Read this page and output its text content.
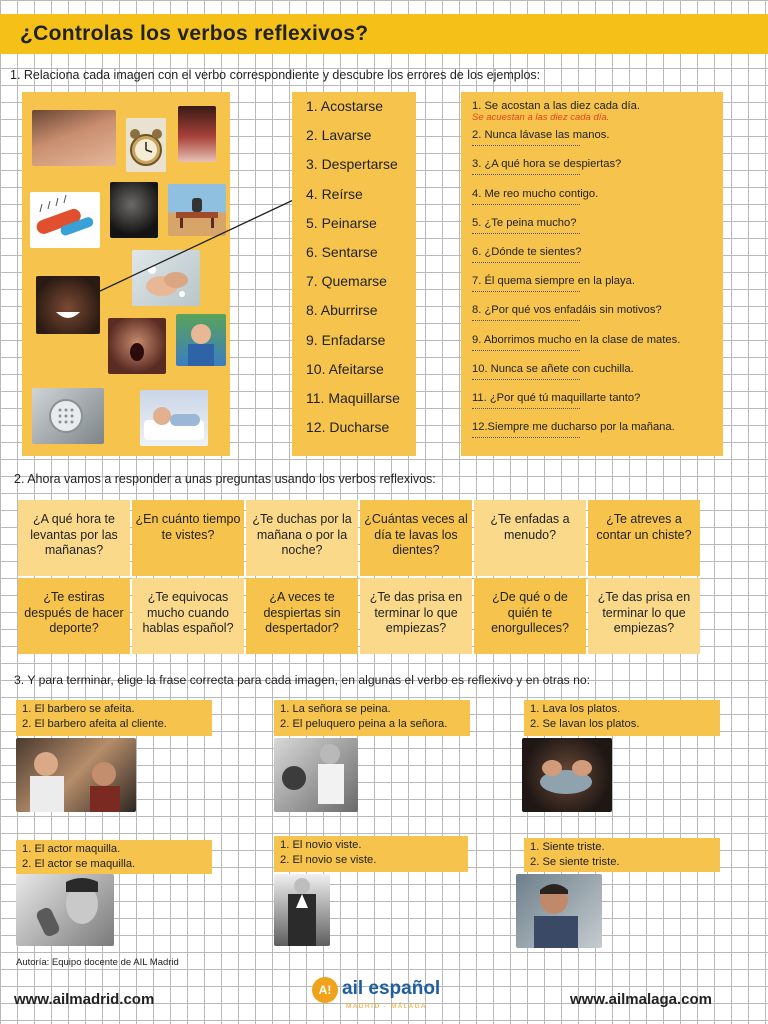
¿Controlas los verbos reflexivos?
1. Relaciona cada imagen con el verbo correspondiente y descubre los errores de los ejemplos:
1. Acostarse
2. Lavarse
3. Despertarse
4. Reírse
5. Peinarse
6. Sentarse
7. Quemarse
8. Aburrirse
9. Enfadarse
10. Afeitarse
11. Maquillarse
12. Ducharse
1. Se acostan a las diez cada día.
Se acuestan a las diez cada día.
2. Nunca lávase las manos.
3. ¿A qué hora se despiertas?
4. Me reo mucho contigo.
5. ¿Te peina mucho?
6. ¿Dónde te sientes?
7. Él quema siempre en la playa.
8. ¿Por qué vos enfadáis sin motivos?
9. Aborrimos mucho en la clase de mates.
10. Nunca se añete con cuchilla.
11. ¿Por qué tú maquillarte tanto?
12.Siempre me ducharso por la mañana.
2. Ahora vamos a responder a unas preguntas usando los verbos reflexivos:
¿A qué hora te levantas por las mañanas?
¿En cuánto tiempo te vistes?
¿Te duchas por la mañana o por la noche?
¿Cuántas veces al día te lavas los dientes?
¿Te enfadas a menudo?
¿Te atreves a contar un chiste?
¿Te estiras después de hacer deporte?
¿Te equivocas mucho cuando hablas español?
¿A veces te despiertas sin despertador?
¿Te das prisa en terminar lo que empiezas?
¿De qué o de quién te enorgulleces?
¿Te das prisa en terminar lo que empiezas?
3. Y para terminar, elige la frase correcta para cada imagen, en algunas el verbo es reflexivo y en otras no:
1. El barbero se afeita.
2. El barbero afeita al cliente.
1. La señora se peina.
2. El peluquero peina a la señora.
1. Lava los platos.
2. Se lavan los platos.
1. El actor maquilla.
2. El actor se maquilla.
1. El novio viste.
2. El novio se viste.
1. Siente triste.
2. Se siente triste.
Autoría: Equipo docente de AIL Madrid
www.ailmadrid.com	www.ailmalaga.com
A! ail español
MADRID · MÁLAGA
